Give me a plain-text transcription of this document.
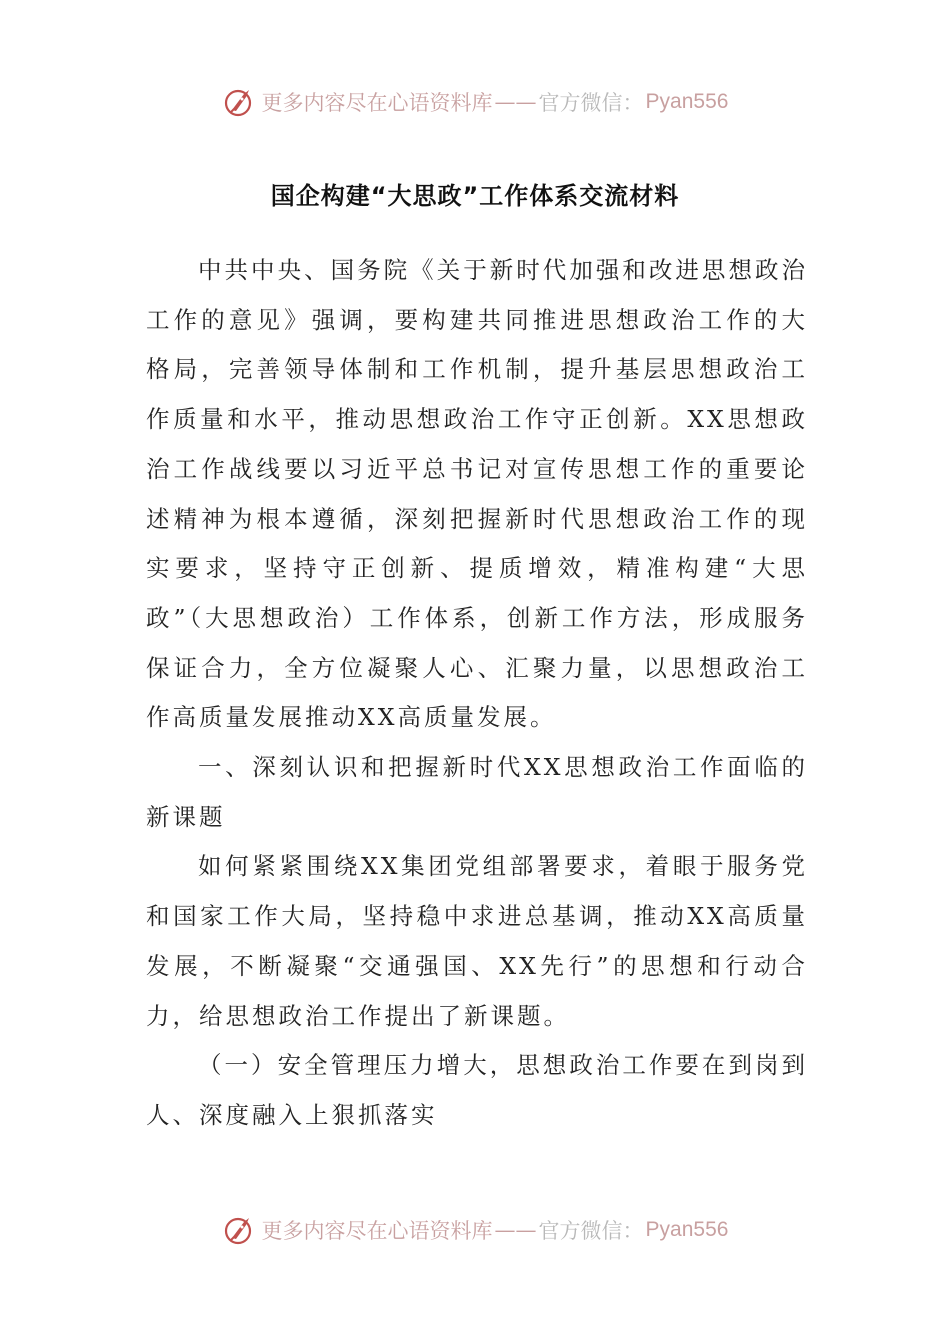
更多内容尽在心语资料库 —— 官方微信： Pyan556
国企构建“大思政”工作体系交流材料

中共中央、国务院《关于新时代加强和改进思想政治工作的意见》强调，要构建共同推进思想政治工作的大格局，完善领导体制和工作机制，提升基层思想政治工作质量和水平，推动思想政治工作守正创新。XX思想政治工作战线要以习近平总书记对宣传思想工作的重要论述精神为根本遵循，深刻把握新时代思想政治工作的现实要求，坚持守正创新、提质增效，精准构建“大思政”（大思想政治）工作体系，创新工作方法，形成服务保证合力，全方位凝聚人心、汇聚力量，以思想政治工作高质量发展推动XX高质量发展。

一、深刻认识和把握新时代XX思想政治工作面临的新课题

如何紧紧围绕XX集团党组部署要求，着眼于服务党和国家工作大局，坚持稳中求进总基调，推动XX高质量发展，不断凝聚“交通强国、XX先行”的思想和行动合力，给思想政治工作提出了新课题。

（一）安全管理压力增大，思想政治工作要在到岗到人、深度融入上狠抓落实

更多内容尽在心语资料库 —— 官方微信： Pyan556
